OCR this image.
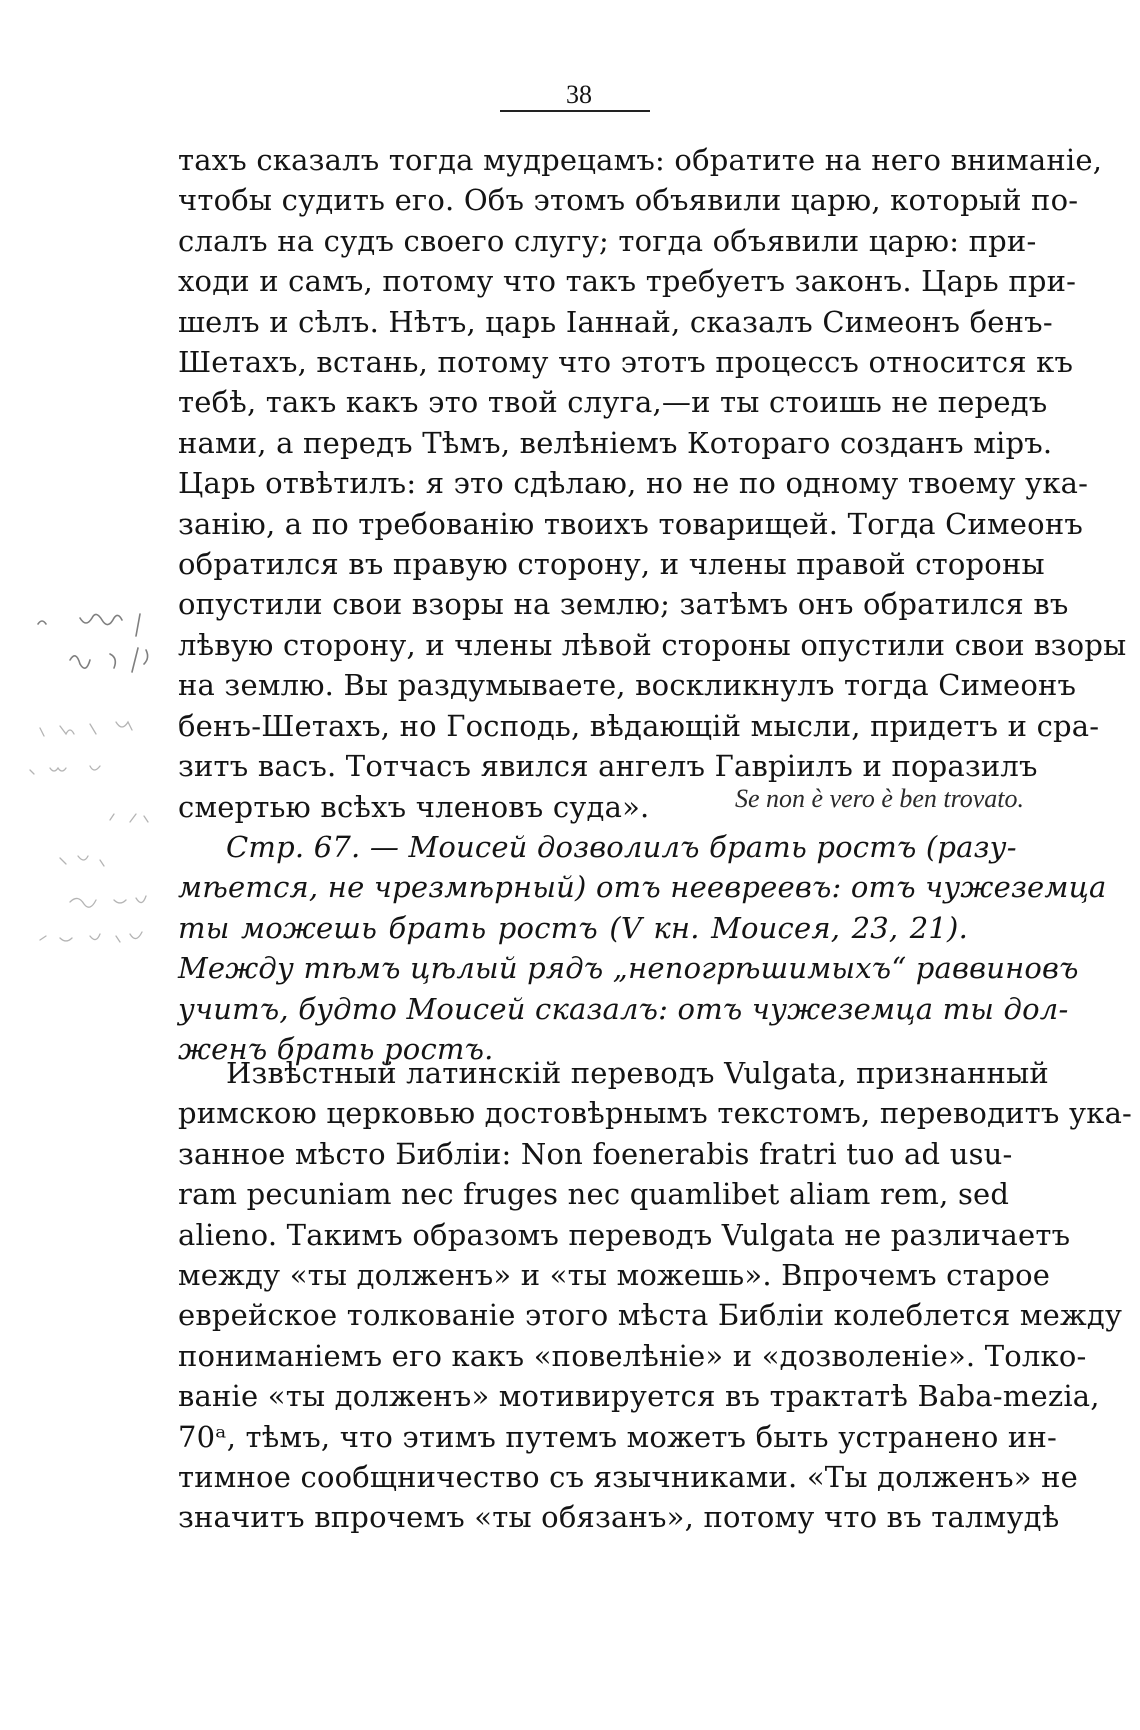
38
тахъ сказалъ тогда мудрецамъ: обратите на него вниманіе,
чтобы судить его. Объ этомъ объявили царю, который по-
слалъ на судъ своего слугу; тогда объявили царю: при-
ходи и самъ, потому что такъ требуетъ законъ. Царь при-
шелъ и сѣлъ. Нѣтъ, царь Іаннай, сказалъ Симеонъ бенъ-
Шетахъ, встань, потому что этотъ процессъ относится къ
тебѣ, такъ какъ это твой слуга,—и ты стоишь не передъ
нами, а передъ Тѣмъ, велѣніемъ Котораго созданъ міръ.
Царь отвѣтилъ: я это сдѣлаю, но не по одному твоему ука-
занію, а по требованію твоихъ товарищей. Тогда Симеонъ
обратился въ правую сторону, и члены правой стороны
опустили свои взоры на землю; затѣмъ онъ обратился въ
лѣвую сторону, и члены лѣвой стороны опустили свои взоры
на землю. Вы раздумываете, воскликнулъ тогда Симеонъ
бенъ-Шетахъ, но Господь, вѣдающій мысли, придетъ и сра-
зитъ васъ. Тотчасъ явился ангелъ Гавріилъ и поразилъ
смертью всѣхъ членовъ суда».
Стр. 67. — Моисей дозволилъ брать ростъ (разу-
мѣется, не чрезмѣрный) отъ неевреевъ: отъ чужеземца
ты можешь брать ростъ (V кн. Моисея, 23, 21).
Между тѣмъ цѣлый рядъ „непогрѣшимыхъ“ раввиновъ
учитъ, будто Моисей сказалъ: отъ чужеземца ты дол-
женъ брать ростъ.
Se non è vero è ben trovato.
Извѣстный латинскій переводъ Vulgata, признанный
римскою церковью достовѣрнымъ текстомъ, переводитъ ука-
занное мѣсто Библіи: Non foenerabis fratri tuo ad usu-
ram pecuniam nec fruges nec quamlibet aliam rem, sed
alieno. Такимъ образомъ переводъ Vulgata не различаетъ
между «ты долженъ» и «ты можешь». Впрочемъ старое
еврейское толкованіе этого мѣста Библіи колеблется между
пониманіемъ его какъ «повелѣніе» и «дозволеніе». Толко-
ваніе «ты долженъ» мотивируется въ трактатѣ Baba-mezia,
70ᵃ, тѣмъ, что этимъ путемъ можетъ быть устранено ин-
тимное сообщничество съ язычниками. «Ты долженъ» не
значитъ впрочемъ «ты обязанъ», потому что въ талмудѣ
